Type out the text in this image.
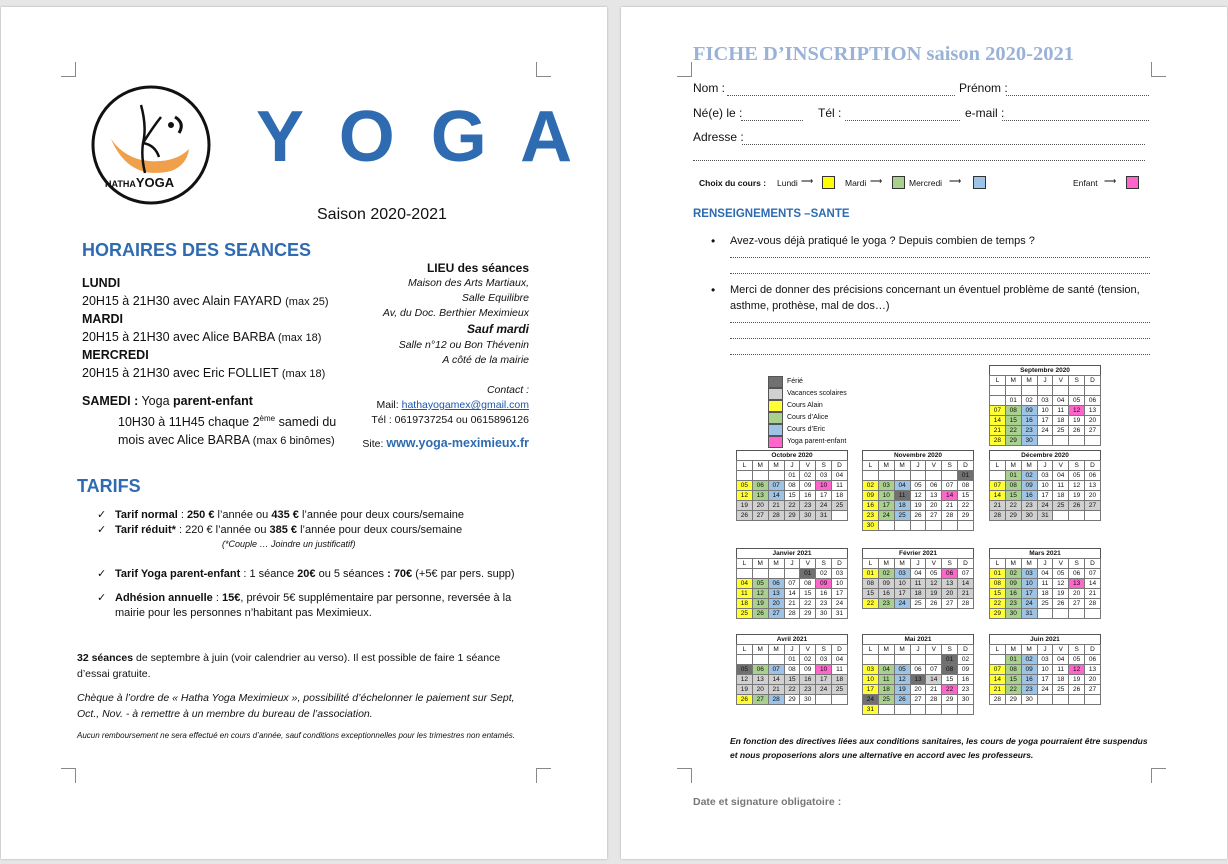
HATHAYOGA
Y O G A
Saison 2020-2021
HORAIRES DES SEANCES
LUNDI
20H15 à 21H30 avec Alain FAYARD (max 25)
MARDI
20H15 à 21H30 avec Alice BARBA (max 18)
MERCREDI
20H15 à 21H30 avec Eric FOLLIET (max 18)
SAMEDI : Yoga parent-enfant
10H30 à 11H45 chaque 2ème samedi du
mois avec Alice BARBA (max 6 binômes)
LIEU des séances
Maison des Arts Martiaux,
Salle Equilibre
Av, du Doc. Berthier Meximieux
Sauf mardi
Salle n°12 ou Bon Thévenin
A côté de la mairie
Contact :
Mail: hathayogamex@gmail.com
Tél : 0619737254 ou 0615896126
Site: www.yoga-meximieux.fr
TARIFS
✓ Tarif normal : 250 € l’année ou 435 € l’année pour deux cours/semaine
✓ Tarif réduit* : 220 € l’année ou 385 € l’année pour deux cours/semaine
(*Couple … Joindre un justificatif)
✓ Tarif Yoga parent-enfant : 1 séance 20€ ou 5 séances : 70€ (+5€ par pers. supp)
✓ Adhésion annuelle : 15€, prévoir 5€ supplémentaire par personne, reversée à la mairie pour les personnes n’habitant pas Meximieux.
32 séances de septembre à juin (voir calendrier au verso). Il est possible de faire 1 séance d’essai gratuite.
Chèque à l’ordre de « Hatha Yoga Meximieux », possibilité d’échelonner le paiement sur Sept, Oct., Nov. - à remettre à un membre du bureau de l’association.
Aucun remboursement ne sera effectué en cours d’année, sauf conditions exceptionnelles pour les trimestres non entamés.
FICHE D’INSCRIPTION saison 2020-2021
Nom :	Prénom :
Né(e) le :	Tél :	e-mail :
Adresse :
Choix du cours : Lundi ⟶	Mardi ⟶	Mercredi ⟶	Enfant ⟶
RENSEIGNEMENTS –SANTE
• Avez-vous déjà pratiqué le yoga ? Depuis combien de temps ?
• Merci de donner des précisions concernant un éventuel problème de santé (tension, asthme, prothèse, mal de dos…)
Férié
Vacances scolaires
Cours Alain
Cours d’Alice
Cours d’Eric
Yoga parent-enfant
Septembre 2020
L	M	M	J	V	S	D

	01	02	03	04	05	06
07	08	09	10	11	12	13
14	15	16	17	18	19	20
21	22	23	24	25	26	27
28	29	30				
Octobre 2020
L	M	M	J	V	S	D
			01	02	03	04
05	06	07	08	09	10	11
12	13	14	15	16	17	18
19	20	21	22	23	24	25
26	27	28	29	30	31	
Novembre 2020
L	M	M	J	V	S	D
						01
02	03	04	05	06	07	08
09	10	11	12	13	14	15
16	17	18	19	20	21	22
23	24	25	26	27	28	29
30						
Décembre 2020
L	M	M	J	V	S	D
	01	02	03	04	05	06
07	08	09	10	11	12	13
14	15	16	17	18	19	20
21	22	23	24	25	26	27
28	29	30	31			
Janvier 2021
L	M	M	J	V	S	D
				01	02	03
04	05	06	07	08	09	10
11	12	13	14	15	16	17
18	19	20	21	22	23	24
25	26	27	28	29	30	31
Février 2021
L	M	M	J	V	S	D
01	02	03	04	05	06	07
08	09	10	11	12	13	14
15	16	17	18	19	20	21
22	23	24	25	26	27	28
Mars 2021
L	M	M	J	V	S	D
01	02	03	04	05	06	07
08	09	10	11	12	13	14
15	16	17	18	19	20	21
22	23	24	25	26	27	28
29	30	31				
Avril 2021
L	M	M	J	V	S	D
			01	02	03	04
05	06	07	08	09	10	11
12	13	14	15	16	17	18
19	20	21	22	23	24	25
26	27	28	29	30		
Mai 2021
L	M	M	J	V	S	D
					01	02
03	04	05	06	07	08	09
10	11	12	13	14	15	16
17	18	19	20	21	22	23
24	25	26	27	28	29	30
31						
Juin 2021
L	M	M	J	V	S	D
	01	02	03	04	05	06
07	08	09	10	11	12	13
14	15	16	17	18	19	20
21	22	23	24	25	26	27
28	29	30				
En fonction des directives liées aux conditions sanitaires, les cours de yoga pourraient être suspendus et nous proposerions alors une alternative en accord avec les professeurs.
Date et signature obligatoire :
